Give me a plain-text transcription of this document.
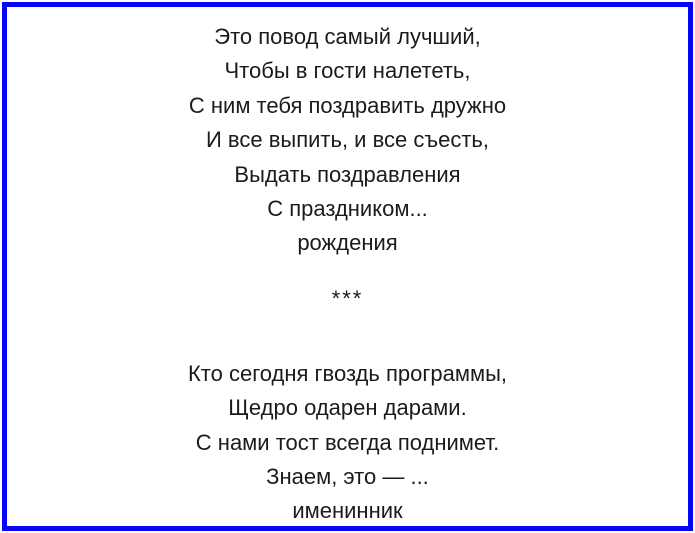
Это повод самый лучший,
Чтобы в гости налететь,
С ним тебя поздравить дружно
И все выпить, и все съесть,
Выдать поздравления
С праздником...
рождения

***

Кто сегодня гвоздь программы,
Щедро одарен дарами.
С нами тост всегда поднимет.
Знаем, это — ...
именинник
